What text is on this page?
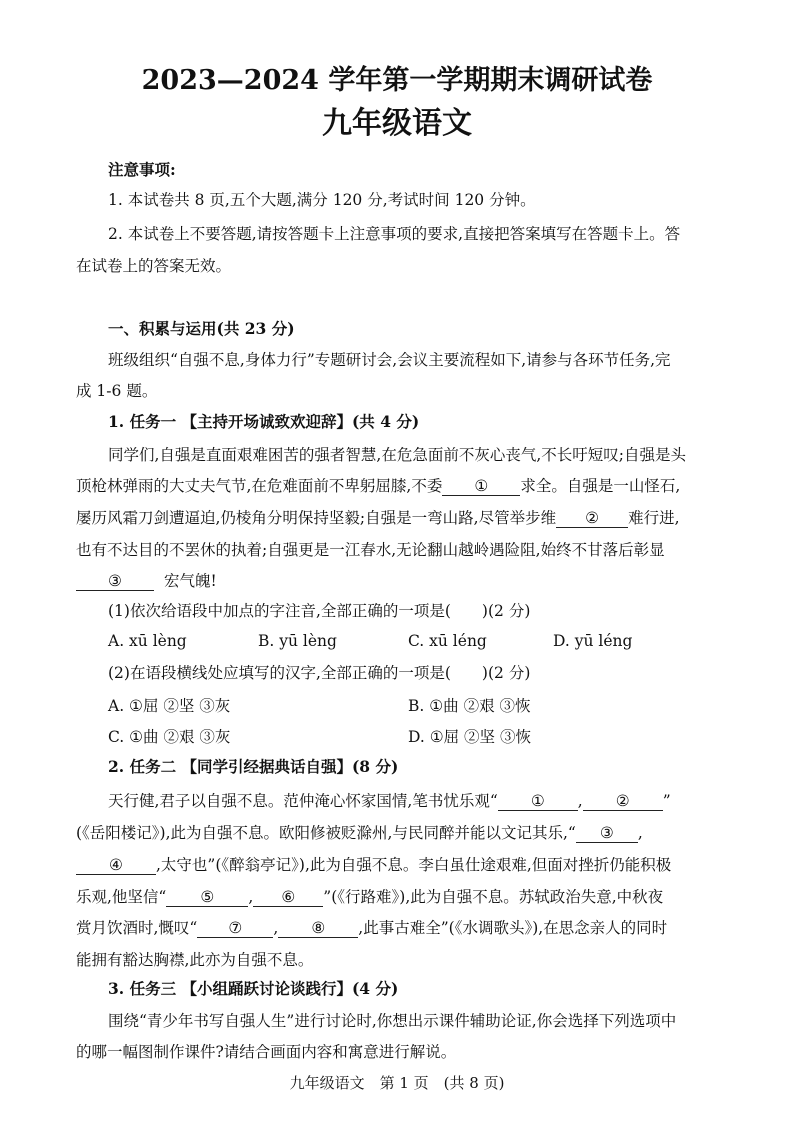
2023—2024 学年第一学期期末调研试卷
九年级语文
注意事项:
1. 本试卷共 8 页,五个大题,满分 120 分,考试时间 120 分钟。
2. 本试卷上不要答题,请按答题卡上注意事项的要求,直接把答案填写在答题卡上。答
在试卷上的答案无效。
一、积累与运用(共 23 分)
班级组织“自强不息,身体力行”专题研讨会,会议主要流程如下,请参与各环节任务,完
成 1-6 题。
1. 任务一 【主持开场诚致欢迎辞】(共 4 分)
同学们,自强是直面艰难困苦的强者智慧,在危急面前不灰心丧气,不长吁短叹;自强是头
顶枪林弹雨的大丈夫气节,在危难面前不卑躬屈膝,不委 ① 求全。自强是一山怪石,
屡历风霜刀剑遭逼迫,仍棱角分明保持坚毅;自强是一弯山路,尽管举步维 ② 难行进,
也有不达目的不罢休的执着;自强更是一江春水,无论翻山越岭遇险阻,始终不甘落后彰显
③	宏气魄!
(1)依次给语段中加点的字注音,全部正确的一项是(　　)(2 分)
A. xū lèng	B. yū lèng	C. xū léng	D. yū léng
(2)在语段横线处应填写的汉字,全部正确的一项是(　　)(2 分)
A. ①屈 ②坚 ③灰	B. ①曲 ②艰 ③恢
C. ①曲 ②艰 ③灰	D. ①屈 ②坚 ③恢
2. 任务二 【同学引经据典话自强】(8 分)
天行健,君子以自强不息。范仲淹心怀家国情,笔书忧乐观“ ① , ② ”
(《岳阳楼记》),此为自强不息。欧阳修被贬滁州,与民同醉并能以文记其乐,“ ③ ,
④ ,太守也”(《醉翁亭记》),此为自强不息。李白虽仕途艰难,但面对挫折仍能积极
乐观,他坚信“ ⑤ , ⑥ ”(《行路难》),此为自强不息。苏轼政治失意,中秋夜
赏月饮酒时,慨叹“ ⑦ , ⑧ ,此事古难全”(《水调歌头》),在思念亲人的同时
能拥有豁达胸襟,此亦为自强不息。
3. 任务三 【小组踊跃讨论谈践行】(4 分)
围绕“青少年书写自强人生”进行讨论时,你想出示课件辅助论证,你会选择下列选项中
的哪一幅图制作课件?请结合画面内容和寓意进行解说。
九年级语文　第 1 页　(共 8 页)
